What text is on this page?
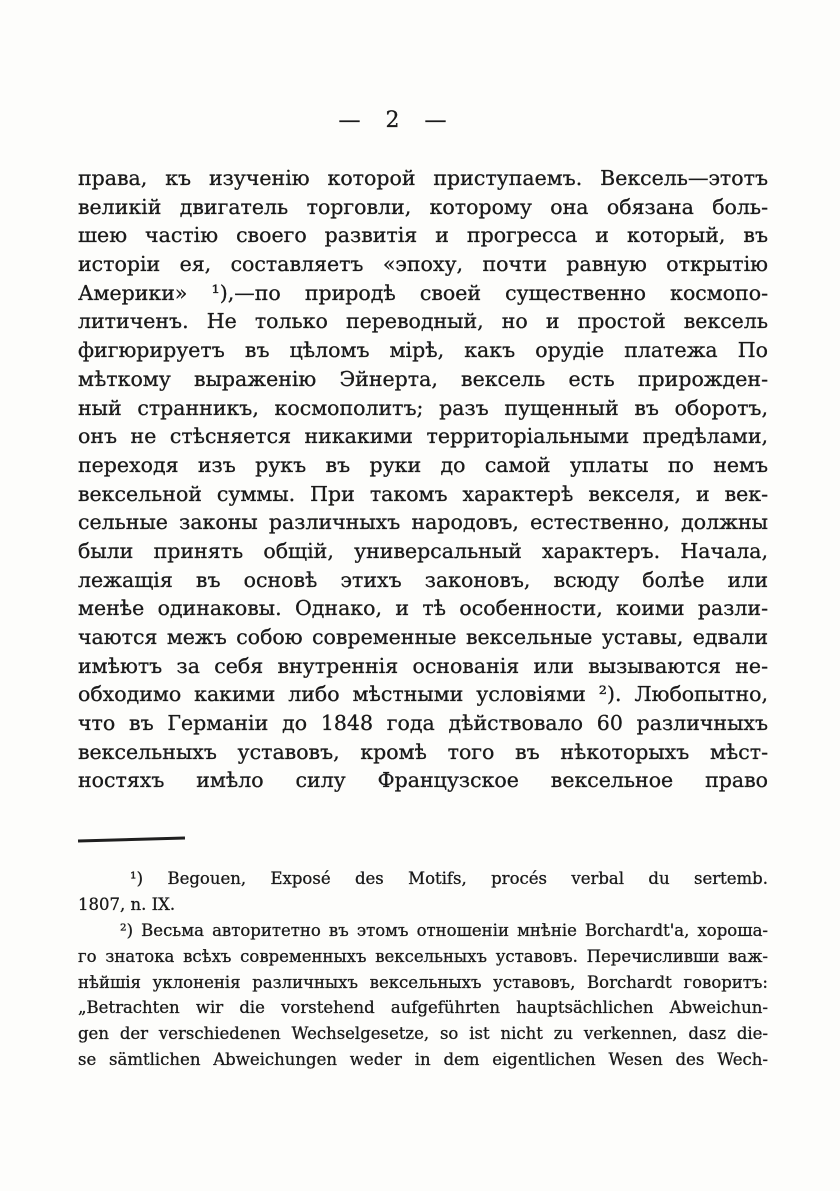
— 2 —
права, къ изученію которой приступаемъ. Вексель—этотъ
великій двигатель торговли, которому она обязана боль-
шею частію своего развитія и прогресса и который, въ
исторіи ея, составляетъ «эпоху, почти равную открытію
Америки» ¹),—по природѣ своей существенно космопо-
литиченъ. Не только переводный, но и простой вексель
фигюрируетъ въ цѣломъ мірѣ, какъ орудіе платежа По
мѣткому выраженію Эйнерта, вексель есть прирожден-
ный странникъ, космополитъ; разъ пущенный въ оборотъ,
онъ не стѣсняется никакими территоріальными предѣлами,
переходя изъ рукъ въ руки до самой уплаты по немъ
вексельной суммы. При такомъ характерѣ векселя, и век-
сельные законы различныхъ народовъ, естественно, должны
были принять общій, универсальный характеръ. Начала,
лежащія въ основѣ этихъ законовъ, всюду болѣе или
менѣе одинаковы. Однако, и тѣ особенности, коими разли-
чаются межъ собою современные вексельные уставы, едвали
имѣютъ за себя внутреннія основанія или вызываются не-
обходимо какими либо мѣстными условіями ²). Любопытно,
что въ Германіи до 1848 года дѣйствовало 60 различныхъ
вексельныхъ уставовъ, кромѣ того въ нѣкоторыхъ мѣст-
ностяхъ имѣло силу Французское вексельное право
¹) Begouen, Exposé des Motifs, procés verbal du sertemb.
1807, n. IX.
²) Весьма авторитетно въ этомъ отношеніи мнѣніе Borchardt'a, хороша-
го знатока всѣхъ современныхъ вексельныхъ уставовъ. Перечисливши важ-
нѣйшія уклоненія различныхъ вексельныхъ уставовъ, Borchardt говоритъ:
„Betrachten wir die vorstehend aufgeführten hauptsächlichen Abweichun-
gen der verschiedenen Wechselgesetze, so ist nicht zu verkennen, dasz die-
se sämtlichen Abweichungen weder in dem eigentlichen Wesen des Wech-
